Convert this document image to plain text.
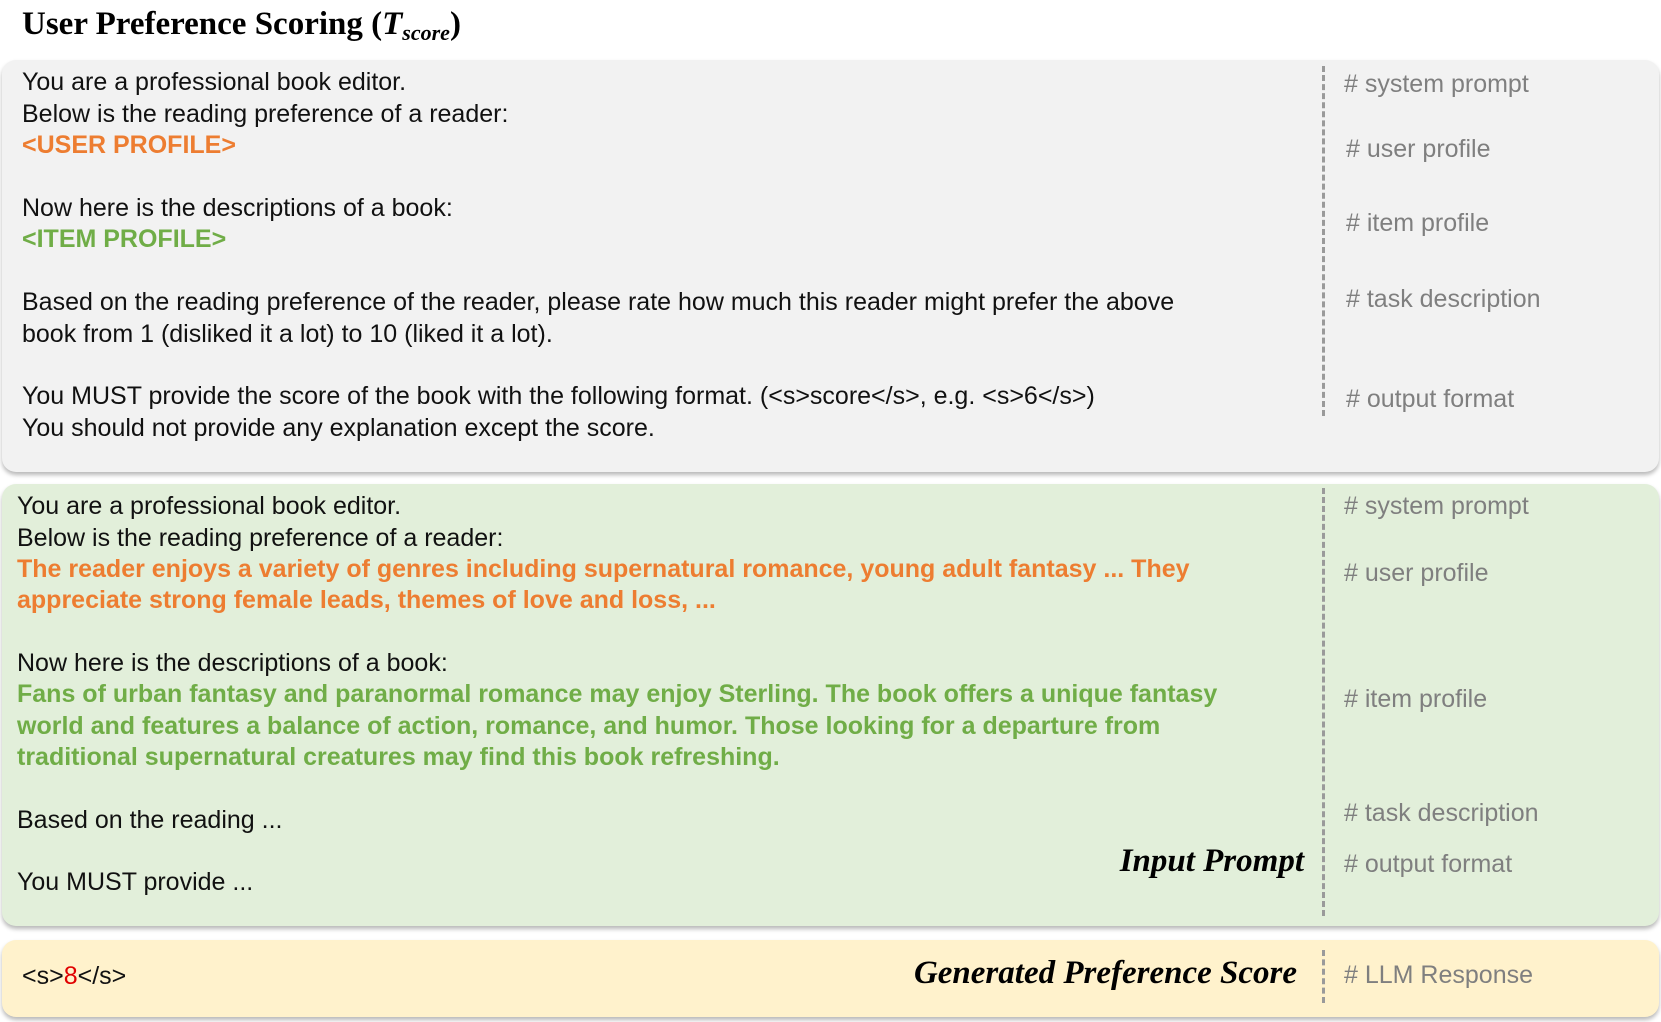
User Preference Scoring $(T_{score})$
You are a professional book editor.
Below is the reading preference of a reader:
<USER PROFILE>
Now here is the descriptions of a book:
<ITEM PROFILE>
Based on the reading preference of the reader, please rate how much this reader might prefer the above
book from 1 (disliked it a lot) to 10 (liked it a lot).
You MUST provide the score of the book with the following format. (<s>score</s>, e.g. <s>6</s>)
You should not provide any explanation except the score.
# system prompt
# user profile
# item profile
# task description
# output format
You are a professional book editor.
Below is the reading preference of a reader:
The reader enjoys a variety of genres including supernatural romance, young adult fantasy ... They
appreciate strong female leads, themes of love and loss, ...
Now here is the descriptions of a book:
Fans of urban fantasy and paranormal romance may enjoy Sterling. The book offers a unique fantasy
world and features a balance of action, romance, and humor. Those looking for a departure from
traditional supernatural creatures may find this book refreshing.
Based on the reading ...
You MUST provide ...
Input Prompt
# system prompt
# user profile
# item profile
# task description
# output format
<s>8</s>	Generated Preference Score # LLM Response
